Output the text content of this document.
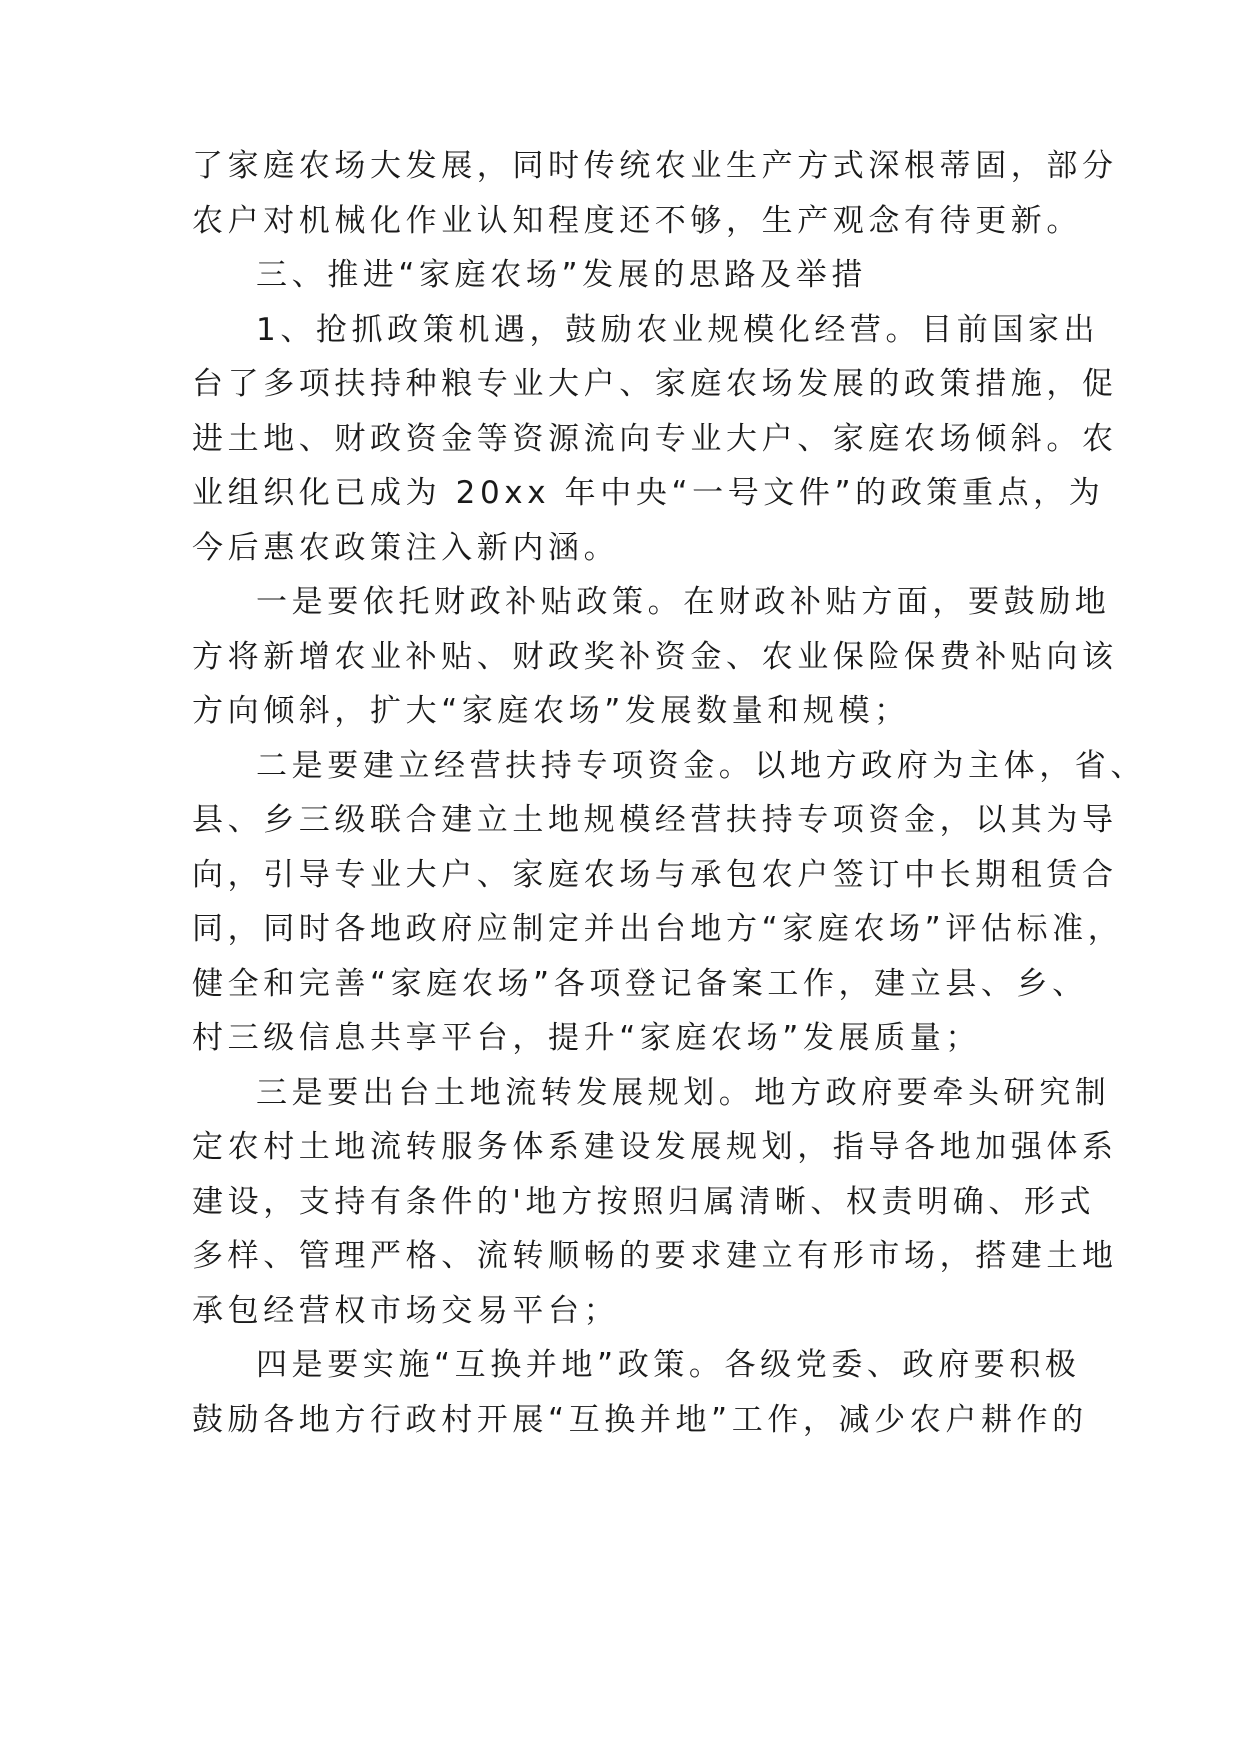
了家庭农场大发展，同时传统农业生产方式深根蒂固，部分
农户对机械化作业认知程度还不够，生产观念有待更新。
三、推进“家庭农场”发展的思路及举措
1、抢抓政策机遇，鼓励农业规模化经营。目前国家出
台了多项扶持种粮专业大户、家庭农场发展的政策措施，促
进土地、财政资金等资源流向专业大户、家庭农场倾斜。农
业组织化已成为 20xx 年中央“一号文件”的政策重点，为
今后惠农政策注入新内涵。
一是要依托财政补贴政策。在财政补贴方面，要鼓励地
方将新增农业补贴、财政奖补资金、农业保险保费补贴向该
方向倾斜，扩大“家庭农场”发展数量和规模；
二是要建立经营扶持专项资金。以地方政府为主体，省、
县、乡三级联合建立土地规模经营扶持专项资金，以其为导
向，引导专业大户、家庭农场与承包农户签订中长期租赁合
同，同时各地政府应制定并出台地方“家庭农场”评估标准，
健全和完善“家庭农场”各项登记备案工作，建立县、乡、
村三级信息共享平台，提升“家庭农场”发展质量；
三是要出台土地流转发展规划。地方政府要牵头研究制
定农村土地流转服务体系建设发展规划，指导各地加强体系
建设，支持有条件的'地方按照归属清晰、权责明确、形式
多样、管理严格、流转顺畅的要求建立有形市场，搭建土地
承包经营权市场交易平台；
四是要实施“互换并地”政策。各级党委、政府要积极
鼓励各地方行政村开展“互换并地”工作，减少农户耕作的
